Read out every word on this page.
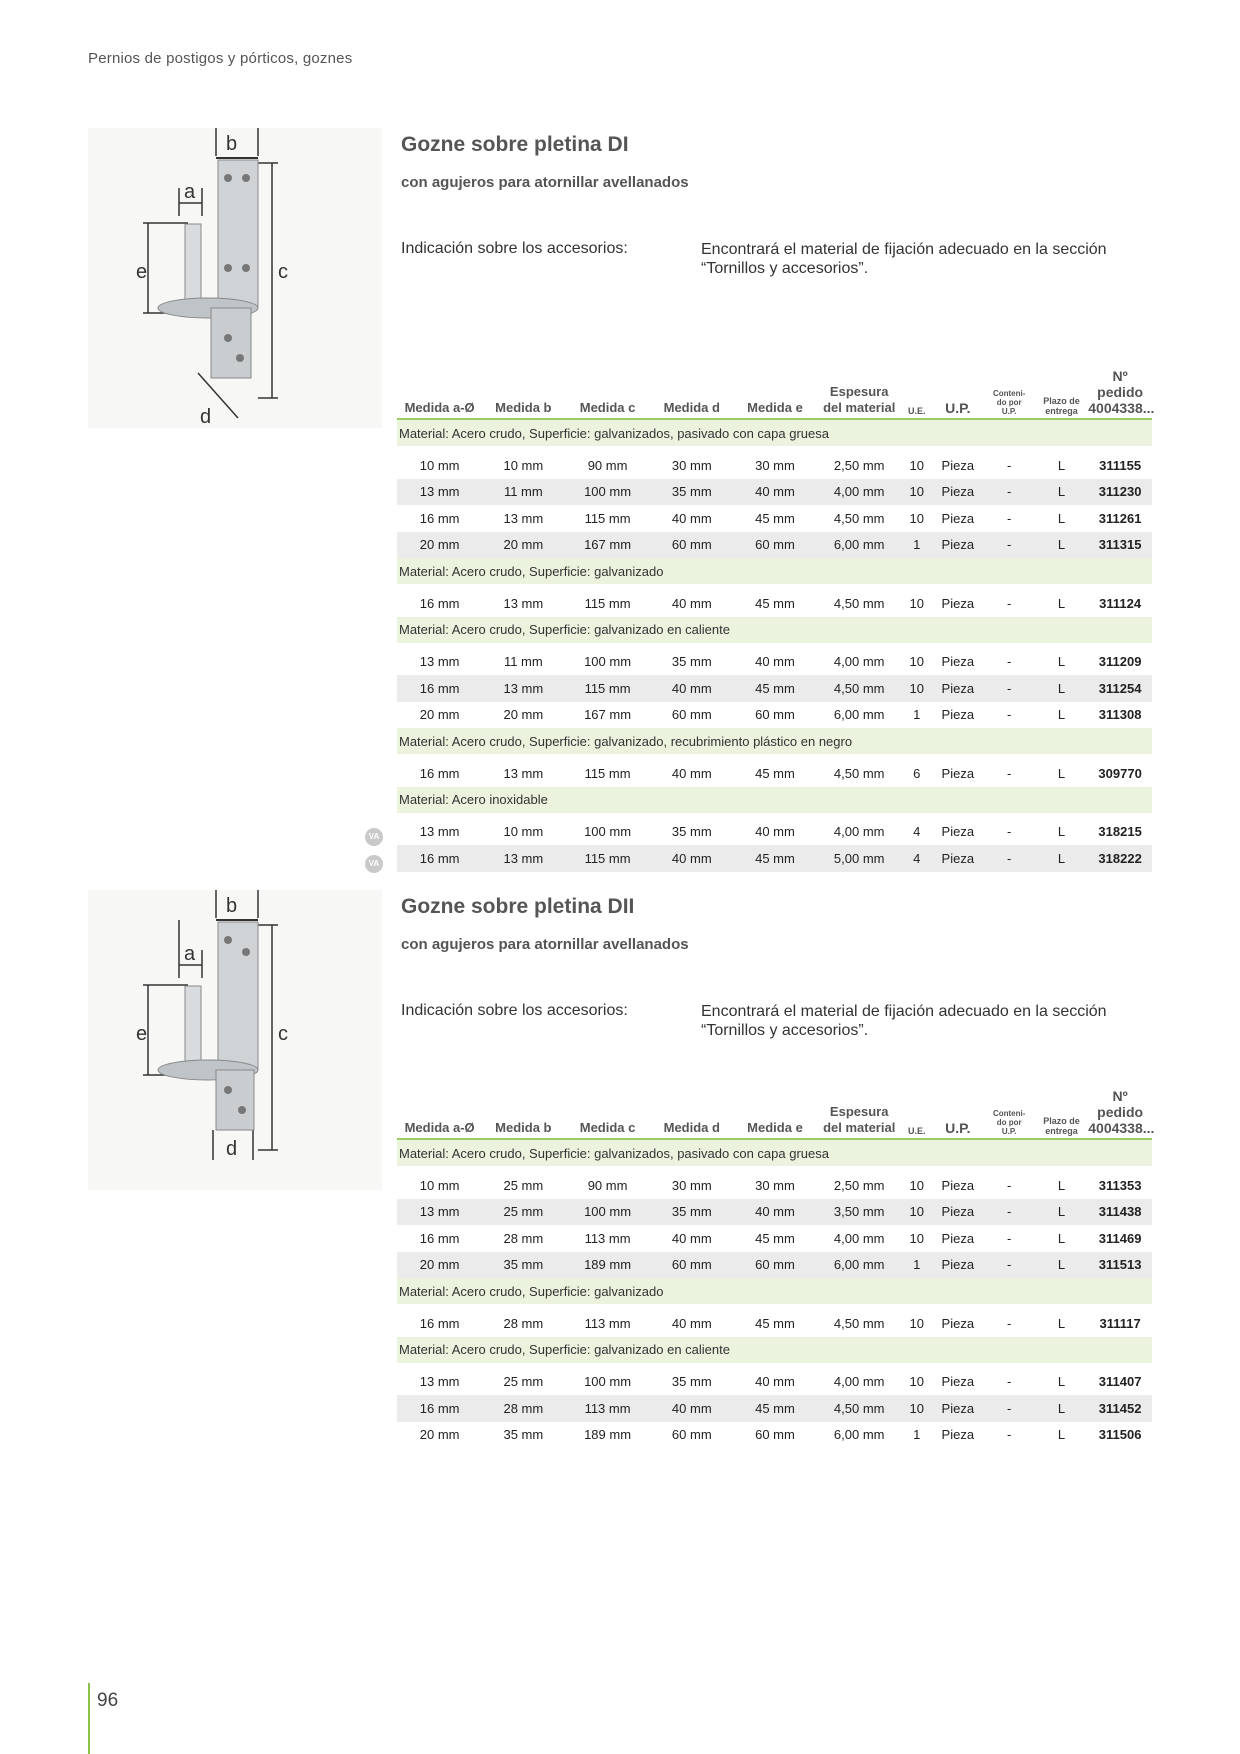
Pernios de postigos y pórticos, goznes
b
a
e	c
d
Gozne sobre pletina DI
con agujeros para atornillar avellanados
Indicación sobre los accesorios:	Encontrará el material de fijación adecuado en la sección “Tornillos y accesorios”.
Medida a-Ø	Medida b	Medida c	Medida d	Medida e	Espesura
del material	U.E.	U.P.	Conteni-
do por
U.P.	Plazo de
entrega	Nº pedido
4004338...
Material: Acero crudo, Superficie: galvanizados, pasivado con capa gruesa										

10 mm	10 mm	90 mm	30 mm	30 mm	2,50 mm	10	Pieza	-	L	311155
13 mm	11 mm	100 mm	35 mm	40 mm	4,00 mm	10	Pieza	-	L	311230
16 mm	13 mm	115 mm	40 mm	45 mm	4,50 mm	10	Pieza	-	L	311261
20 mm	20 mm	167 mm	60 mm	60 mm	6,00 mm	1	Pieza	-	L	311315
Material: Acero crudo, Superficie: galvanizado										

16 mm	13 mm	115 mm	40 mm	45 mm	4,50 mm	10	Pieza	-	L	311124
Material: Acero crudo, Superficie: galvanizado en caliente										

13 mm	11 mm	100 mm	35 mm	40 mm	4,00 mm	10	Pieza	-	L	311209
16 mm	13 mm	115 mm	40 mm	45 mm	4,50 mm	10	Pieza	-	L	311254
20 mm	20 mm	167 mm	60 mm	60 mm	6,00 mm	1	Pieza	-	L	311308
Material: Acero crudo, Superficie: galvanizado, recubrimiento plástico en negro										

16 mm	13 mm	115 mm	40 mm	45 mm	4,50 mm	6	Pieza	-	L	309770
Material: Acero inoxidable										

VA 13 mm	10 mm	100 mm	35 mm	40 mm	4,00 mm	4	Pieza	-	L	318215

VA 16 mm	13 mm	115 mm	40 mm	45 mm	5,00 mm	4	Pieza	-	L	318222
b
a
e	c
d
Gozne sobre pletina DII
con agujeros para atornillar avellanados
Indicación sobre los accesorios:	Encontrará el material de fijación adecuado en la sección “Tornillos y accesorios”.
Medida a-Ø	Medida b	Medida c	Medida d	Medida e	Espesura
del material	U.E.	U.P.	Conteni-
do por
U.P.	Plazo de
entrega	Nº pedido
4004338...
Material: Acero crudo, Superficie: galvanizados, pasivado con capa gruesa										

10 mm	25 mm	90 mm	30 mm	30 mm	2,50 mm	10	Pieza	-	L	311353
13 mm	25 mm	100 mm	35 mm	40 mm	3,50 mm	10	Pieza	-	L	311438
16 mm	28 mm	113 mm	40 mm	45 mm	4,00 mm	10	Pieza	-	L	311469
20 mm	35 mm	189 mm	60 mm	60 mm	6,00 mm	1	Pieza	-	L	311513
Material: Acero crudo, Superficie: galvanizado										

16 mm	28 mm	113 mm	40 mm	45 mm	4,50 mm	10	Pieza	-	L	311117
Material: Acero crudo, Superficie: galvanizado en caliente										

13 mm	25 mm	100 mm	35 mm	40 mm	4,00 mm	10	Pieza	-	L	311407
16 mm	28 mm	113 mm	40 mm	45 mm	4,50 mm	10	Pieza	-	L	311452
20 mm	35 mm	189 mm	60 mm	60 mm	6,00 mm	1	Pieza	-	L	311506
96
